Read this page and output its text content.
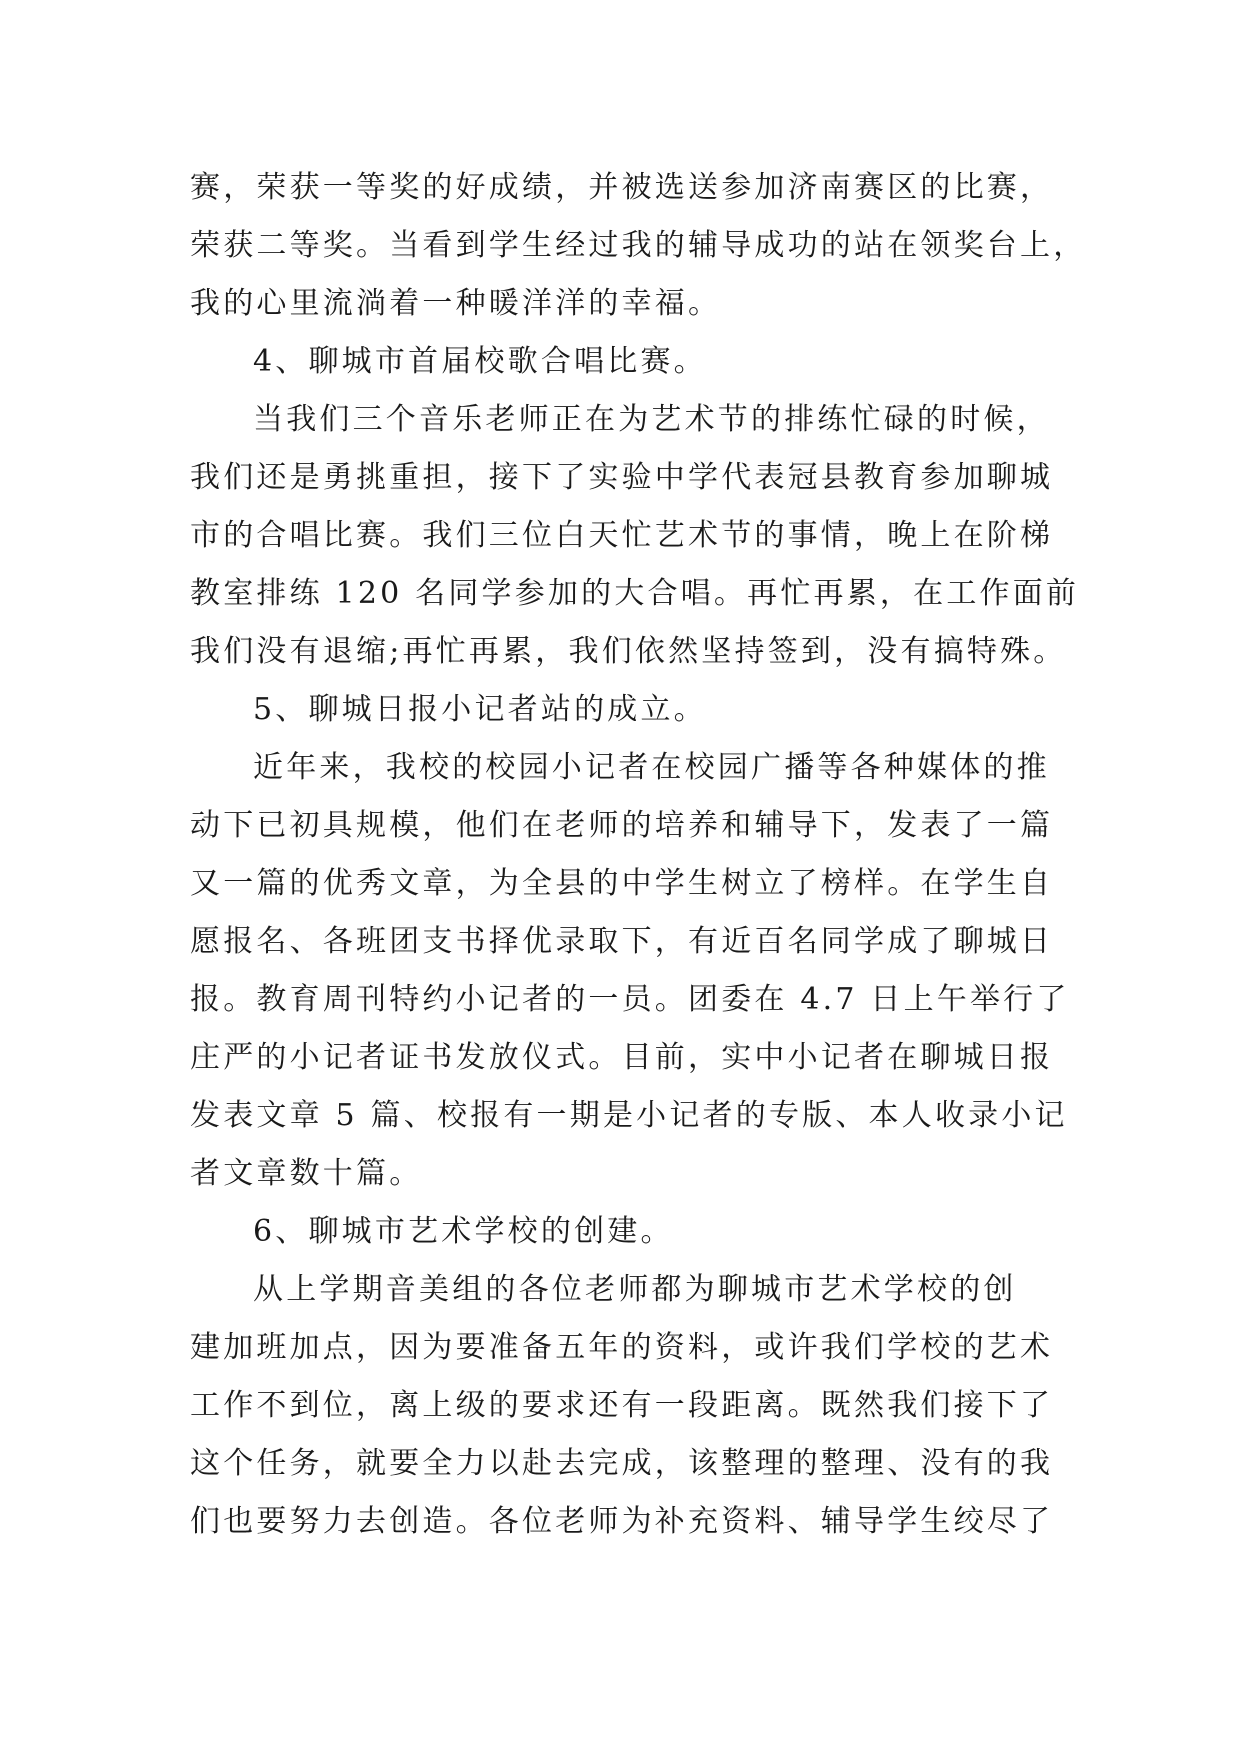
赛，荣获一等奖的好成绩，并被选送参加济南赛区的比赛，
荣获二等奖。当看到学生经过我的辅导成功的站在领奖台上，
我的心里流淌着一种暖洋洋的幸福。
4、聊城市首届校歌合唱比赛。
当我们三个音乐老师正在为艺术节的排练忙碌的时候，
我们还是勇挑重担，接下了实验中学代表冠县教育参加聊城
市的合唱比赛。我们三位白天忙艺术节的事情，晚上在阶梯
教室排练 120 名同学参加的大合唱。再忙再累，在工作面前
我们没有退缩;再忙再累，我们依然坚持签到，没有搞特殊。
5、聊城日报小记者站的成立。
近年来，我校的校园小记者在校园广播等各种媒体的推
动下已初具规模，他们在老师的培养和辅导下，发表了一篇
又一篇的优秀文章，为全县的中学生树立了榜样。在学生自
愿报名、各班团支书择优录取下，有近百名同学成了聊城日
报。教育周刊特约小记者的一员。团委在 4.7 日上午举行了
庄严的小记者证书发放仪式。目前，实中小记者在聊城日报
发表文章 5 篇、校报有一期是小记者的专版、本人收录小记
者文章数十篇。
6、聊城市艺术学校的创建。
从上学期音美组的各位老师都为聊城市艺术学校的创
建加班加点，因为要准备五年的资料，或许我们学校的艺术
工作不到位，离上级的要求还有一段距离。既然我们接下了
这个任务，就要全力以赴去完成，该整理的整理、没有的我
们也要努力去创造。各位老师为补充资料、辅导学生绞尽了
